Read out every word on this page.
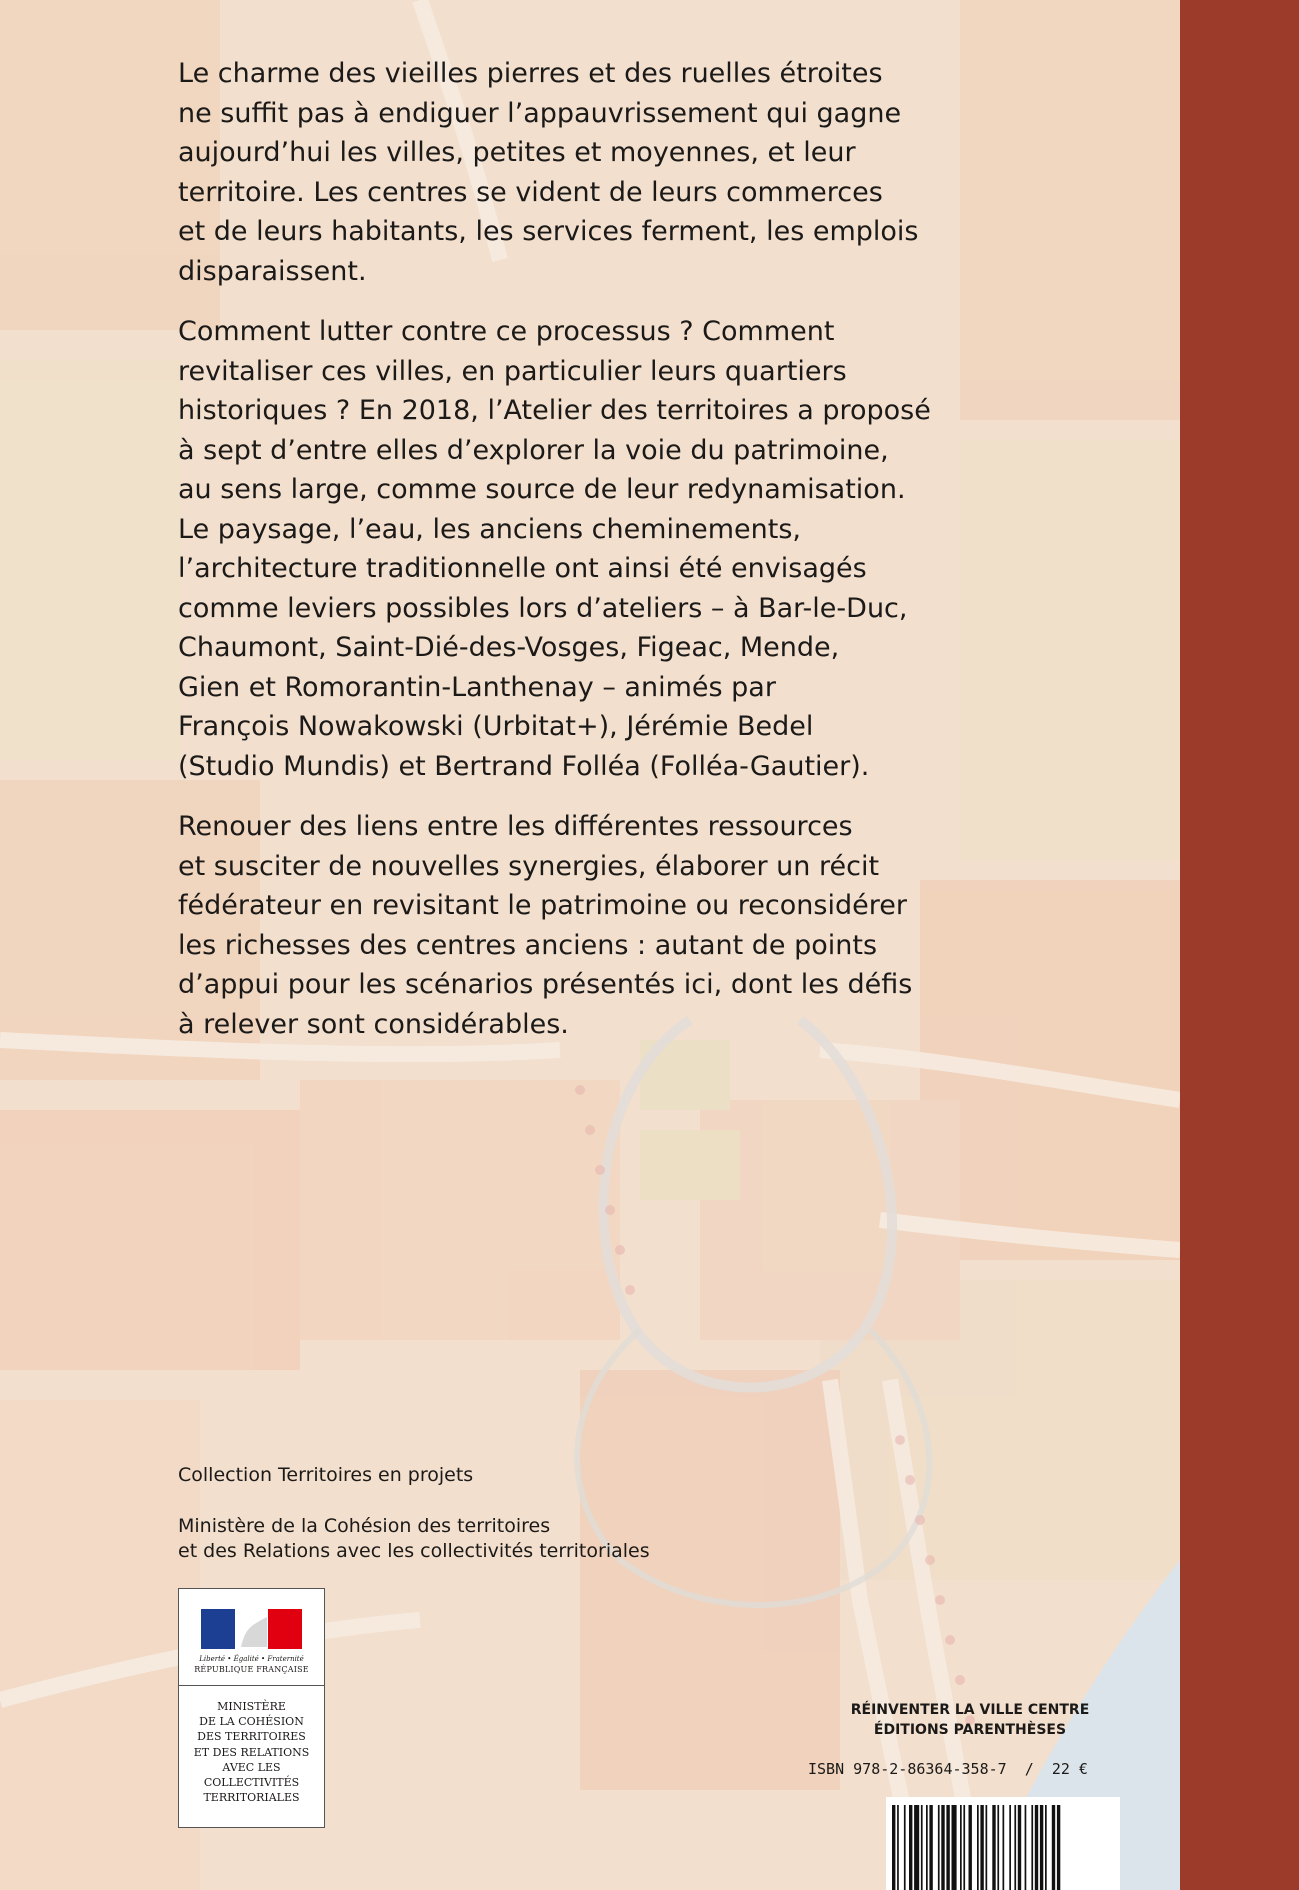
Le charme des vieilles pierres et des ruelles étroites
ne suffit pas à endiguer l’appauvrissement qui gagne
aujourd’hui les villes, petites et moyennes, et leur
territoire. Les centres se vident de leurs commerces
et de leurs habitants, les services ferment, les emplois
disparaissent.

Comment lutter contre ce processus ? Comment
revitaliser ces villes, en particulier leurs quartiers
historiques ? En 2018, l’Atelier des territoires a proposé
à sept d’entre elles d’explorer la voie du patrimoine,
au sens large, comme source de leur redynamisation.
Le paysage, l’eau, les anciens cheminements,
l’architecture traditionnelle ont ainsi été envisagés
comme leviers possibles lors d’ateliers – à Bar-le-Duc,
Chaumont, Saint-Dié-des-Vosges, Figeac, Mende,
Gien et Romorantin-Lanthenay – animés par
François Nowakowski (Urbitat+), Jérémie Bedel
(Studio Mundis) et Bertrand Folléa (Folléa-Gautier).

Renouer des liens entre les différentes ressources
et susciter de nouvelles synergies, élaborer un récit
fédérateur en revisitant le patrimoine ou reconsidérer
les richesses des centres anciens : autant de points
d’appui pour les scénarios présentés ici, dont les défis
à relever sont considérables.

Collection Territoires en projets

Ministère de la Cohésion des territoires
et des Relations avec les collectivités territoriales

Liberté • Égalité • Fraternité
RÉPUBLIQUE FRANÇAISE
MINISTÈRE
DE LA COHÉSION
DES TERRITOIRES
ET DES RELATIONS
AVEC LES
COLLECTIVITÉS
TERRITORIALES
RÉINVENTER LA VILLE CENTRE
ÉDITIONS PARENTHÈSES
ISBN 978-2-86364-358-7  /  22 €
